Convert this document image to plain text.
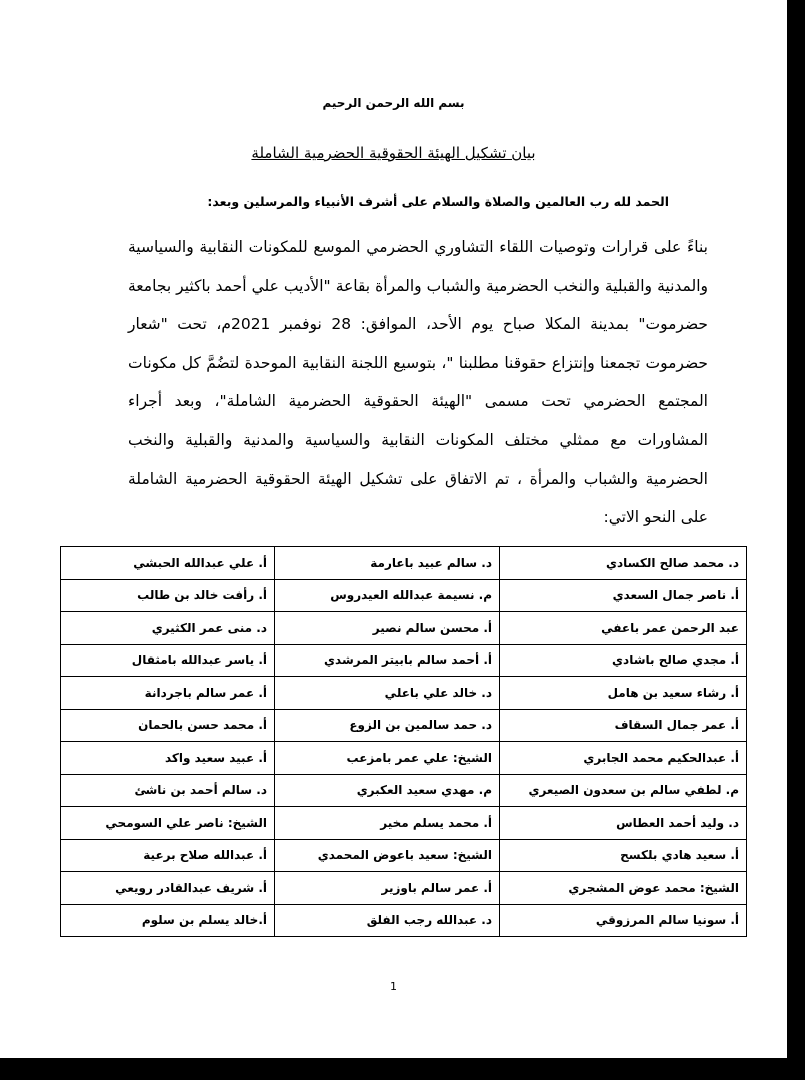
بسم الله الرحمن الرحيم
بيان تشكيل الهيئة الحقوقية الحضرمية الشاملة
الحمد لله رب العالمين والصلاة والسلام على أشرف الأنبياء والمرسلين وبعد:
بناءً على قرارات وتوصيات اللقاء التشاوري الحضرمي الموسع للمكونات النقابية والسياسية والمدنية والقبلية والنخب الحضرمية والشباب والمرأة بقاعة "الأديب علي أحمد باكثير بجامعة حضرموت" بمدينة المكلا صباح يوم الأحد، الموافق: 28 نوفمبر 2021م، تحت "شعار حضرموت تجمعنا وإنتزاع حقوقنا مطلبنا "، بتوسيع اللجنة النقابية الموحدة لتضُمَّ كل مكونات المجتمع الحضرمي تحت مسمى "الهيئة الحقوقية الحضرمية الشاملة"، وبعد أجراء المشاورات مع ممثلي مختلف المكونات النقابية والسياسية والمدنية والقبلية والنخب الحضرمية والشباب والمرأة ، تم الاتفاق على تشكيل الهيئة الحقوقية الحضرمية الشاملة على النحو الاتي:
د. محمد صالح الكسادي	د. سالم عبيد باعارمة	أ. علي عبدالله الحبشي
أ. ناصر جمال السعدي	م. نسيمة عبدالله العيدروس	أ. رأفت خالد بن طالب
عبد الرحمن عمر باعفي	أ. محسن سالم نصير	د. منى عمر الكثيري
أ. مجدي صالح باشادي	أ. أحمد سالم بابيتر المرشدي	أ. ياسر عبدالله بامثقال
أ. رشاء سعيد بن هامل	د. خالد علي باعلي	أ. عمر سالم باجردانة
أ. عمر جمال السقاف	د. حمد سالمين بن الزوع	أ. محمد حسن بالحمان
أ. عبدالحكيم محمد الجابري	الشيخ: علي عمر بامزعب	أ. عبيد سعيد واكد
م. لطفي سالم بن سعدون الصيعري	م. مهدي سعيد العكبري	د. سالم أحمد بن ناشئ
د. وليد أحمد العطاس	أ. محمد يسلم مخير	الشيخ: ناصر علي السومحي
أ. سعيد هادي بلكسح	الشيخ: سعيد باعوض المحمدي	أ. عبدالله صلاح برعية
الشيخ: محمد عوض المشجري	أ. عمر سالم باوزير	أ. شريف عبدالقادر رويعي
أ. سونيا سالم المرزوقي	د. عبدالله رجب الفلق	أ.خالد يسلم بن سلوم
1
